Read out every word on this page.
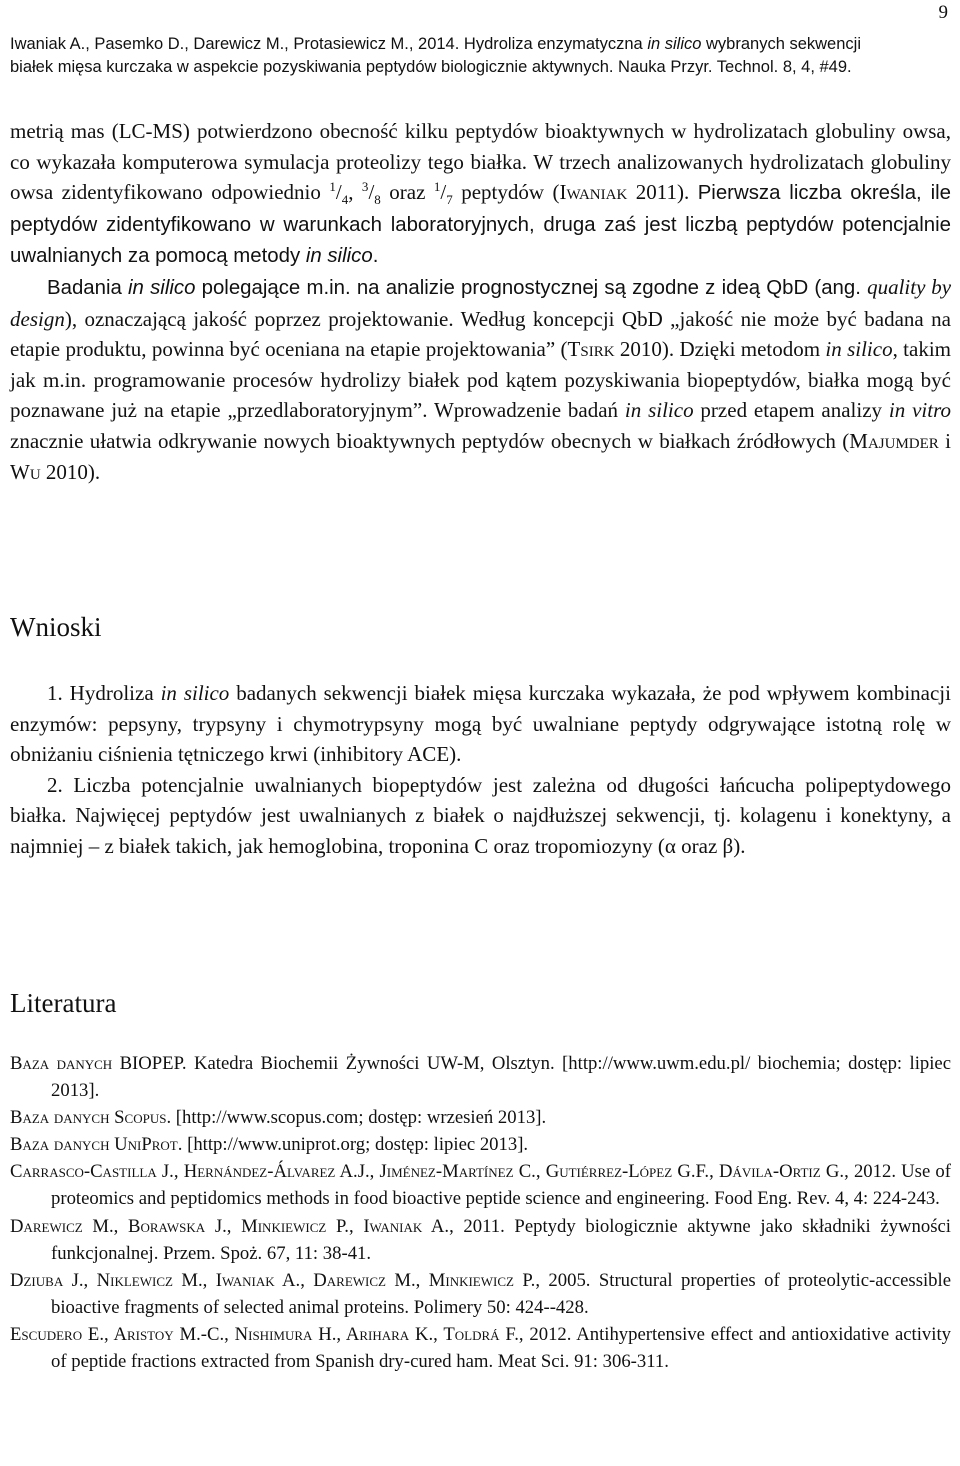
9
Iwaniak A., Pasemko D., Darewicz M., Protasiewicz M., 2014. Hydroliza enzymatyczna in silico wybranych sekwencji
białek mięsa kurczaka w aspekcie pozyskiwania peptydów biologicznie aktywnych. Nauka Przyr. Technol. 8, 4, #49.

metrią mas (LC-MS) potwierdzono obecność kilku peptydów bioaktywnych w hydrolizatach globuliny owsa, co wykazała komputerowa symulacja proteolizy tego białka. W trzech analizowanych hydrolizatach globuliny owsa zidentyfikowano odpowiednio $^1/_4$, $^3/_8$ oraz $^1/_7$ peptydów (Iwaniak 2011). Pierwsza liczba określa, ile peptydów zidentyfikowano w warunkach laboratoryjnych, druga zaś jest liczbą peptydów potencjalnie uwalnianych za pomocą metody in silico.

Badania in silico polegające m.in. na analizie prognostycznej są zgodne z ideą QbD (ang. quality by design), oznaczającą jakość poprzez projektowanie. Według koncepcji QbD „jakość nie może być badana na etapie produktu, powinna być oceniana na etapie projektowania” (Tsirk 2010). Dzięki metodom in silico, takim jak m.in. programowanie procesów hydrolizy białek pod kątem pozyskiwania biopeptydów, białka mogą być poznawane już na etapie „przedlaboratoryjnym”. Wprowadzenie badań in silico przed etapem analizy in vitro znacznie ułatwia odkrywanie nowych bioaktywnych peptydów obecnych w białkach źródłowych (Majumder i Wu 2010).

Wnioski

1. Hydroliza in silico badanych sekwencji białek mięsa kurczaka wykazała, że pod wpływem kombinacji enzymów: pepsyny, trypsyny i chymotrypsyny mogą być uwalniane peptydy odgrywające istotną rolę w obniżaniu ciśnienia tętniczego krwi (inhibitory ACE).

2. Liczba potencjalnie uwalnianych biopeptydów jest zależna od długości łańcucha polipeptydowego białka. Najwięcej peptydów jest uwalnianych z białek o najdłuższej sekwencji, tj. kolagenu i konektyny, a najmniej – z białek takich, jak hemoglobina, troponina C oraz tropomiozyny (α oraz β).

Literatura

Baza danych BIOPEP. Katedra Biochemii Żywności UW-M, Olsztyn. [http://www.uwm.edu.pl/ biochemia; dostęp: lipiec 2013].

Baza danych Scopus. [http://www.scopus.com; dostęp: wrzesień 2013].

Baza danych UniProt. [http://www.uniprot.org; dostęp: lipiec 2013].

Carrasco-Castilla J., Hernández-Álvarez A.J., Jiménez-Martínez C., Gutiérrez-López G.F., Dávila-Ortiz G., 2012. Use of proteomics and peptidomics methods in food bioactive peptide science and engineering. Food Eng. Rev. 4, 4: 224-243.

Darewicz M., Borawska J., Minkiewicz P., Iwaniak A., 2011. Peptydy biologicznie aktywne jako składniki żywności funkcjonalnej. Przem. Spoż. 67, 11: 38-41.

Dziuba J., Niklewicz M., Iwaniak A., Darewicz M., Minkiewicz P., 2005. Structural properties of proteolytic-accessible bioactive fragments of selected animal proteins. Polimery 50: 424--428.

Escudero E., Aristoy M.-C., Nishimura H., Arihara K., Toldrá F., 2012. Antihypertensive effect and antioxidative activity of peptide fractions extracted from Spanish dry-cured ham. Meat Sci. 91: 306-311.
